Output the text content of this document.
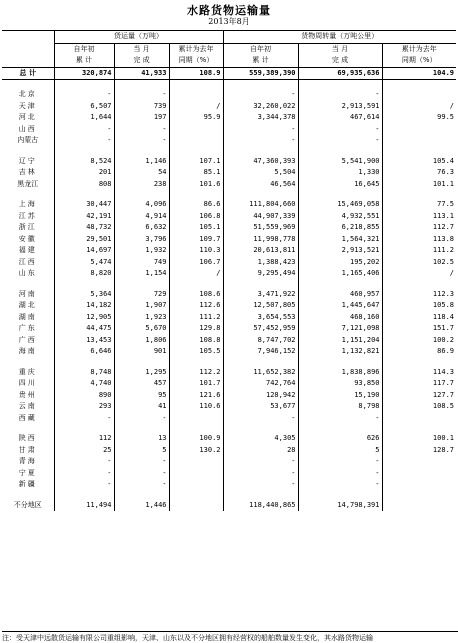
水路货物运输量
2013年8月
	货运量（万吨）			货物周转量（万吨公里）		
	自年初	当 月	累计为去年	自年初	当 月	累计为去年
	累 计	完 成	同期（%）	累 计	完 成	同期（%）
总 计	320,874	41,933	108.9	559,389,390	69,935,636	104.9

北京	-	-		-	-	
天津	6,507	739	/	32,260,022	2,913,591	/
河北	1,644	197	95.9	3,344,378	467,614	99.5
山西	-	-		-	-	
内蒙古	-	-		-	-	

辽宁	8,524	1,146	107.1	47,360,393	5,541,900	105.4
吉林	201	54	85.1	5,504	1,330	76.3
黑龙江	808	238	101.6	46,564	16,645	101.1

上海	30,447	4,096	86.6	111,804,660	15,469,058	77.5
江苏	42,191	4,914	106.8	44,907,339	4,932,551	113.1
浙江	48,732	6,632	105.1	51,559,969	6,218,855	112.7
安徽	29,501	3,796	109.7	11,998,778	1,564,321	113.8
福建	14,697	1,932	110.3	20,613,811	2,913,521	111.2
江西	5,474	749	106.7	1,388,423	195,202	102.5
山东	8,820	1,154	/	9,295,494	1,165,406	/

河南	5,364	729	108.6	3,471,922	460,957	112.3
湖北	14,182	1,907	112.6	12,507,805	1,445,647	105.8
湖南	12,905	1,923	111.2	3,654,553	468,160	118.4
广东	44,475	5,670	129.8	57,452,959	7,121,098	151.7
广西	13,453	1,806	108.8	8,747,702	1,151,204	100.2
海南	6,646	901	105.5	7,946,152	1,132,821	86.9

重庆	8,748	1,295	112.2	11,652,382	1,838,896	114.3
四川	4,740	457	101.7	742,764	93,850	117.7
贵州	890	95	121.6	128,942	15,190	127.7
云南	293	41	110.6	53,677	8,798	108.5
西藏	-	-		-	-	

陕西	112	13	100.9	4,305	626	100.1
甘肃	25	5	130.2	28	5	128.7
青海	-	-		-	-	
宁夏	-	-		-	-	
新疆	-	-		-	-	

不分地区	11,494	1,446		118,440,865	14,798,391	
注：受天津中远散货运输有限公司重组影响，天津、山东以及不分地区拥有经营权的船舶数量发生变化，其水路货物运输
